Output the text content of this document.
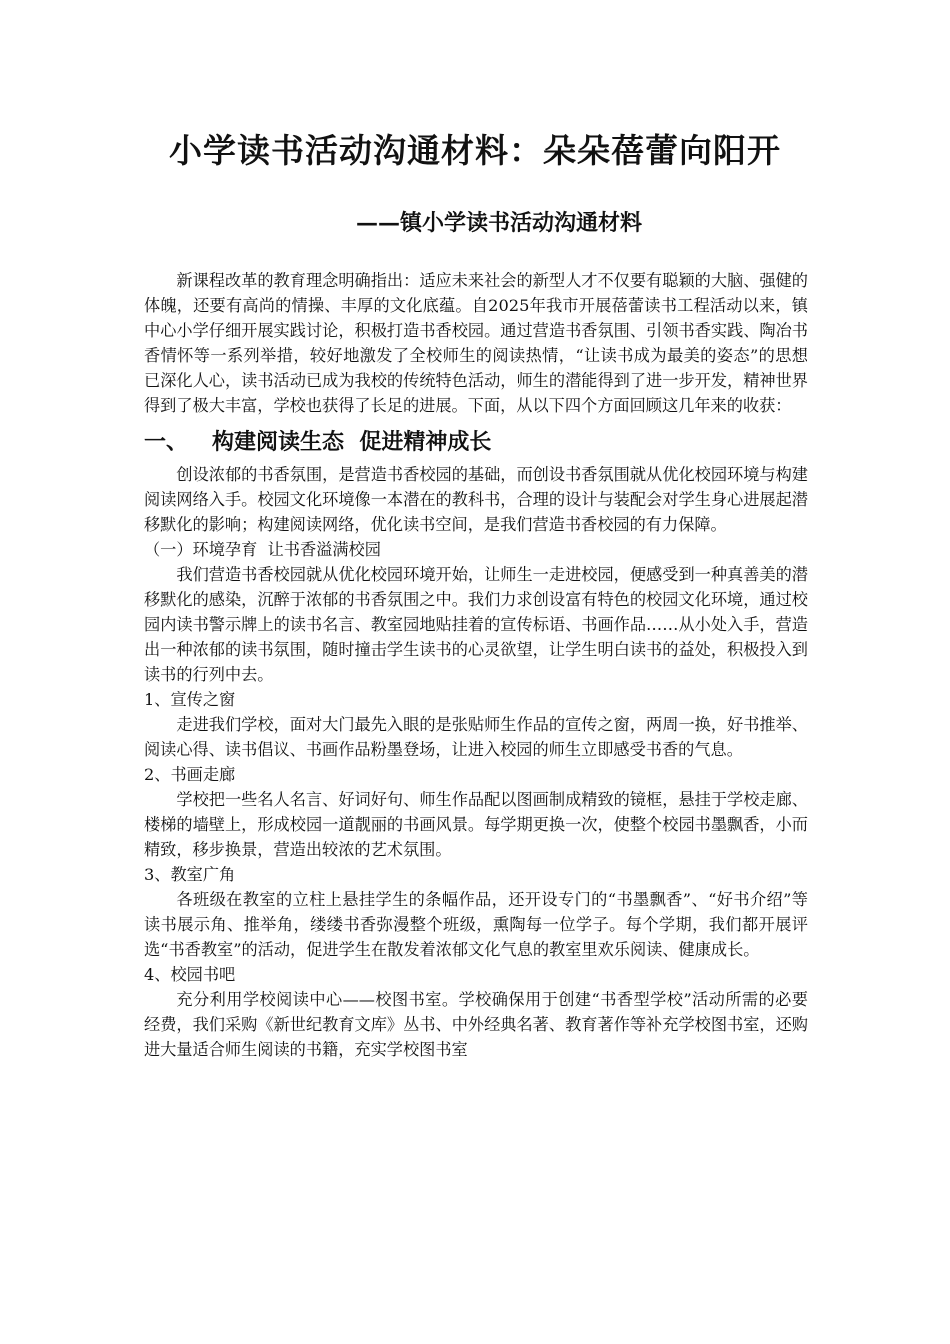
小学读书活动沟通材料：朵朵蓓蕾向阳开
——镇小学读书活动沟通材料

新课程改革的教育理念明确指出：适应未来社会的新型人才不仅要有聪颖的大脑、强健的体魄，还要有高尚的情操、丰厚的文化底蕴。自2025年我市开展蓓蕾读书工程活动以来，镇中心小学仔细开展实践讨论，积极打造书香校园。通过营造书香氛围、引领书香实践、陶冶书香情怀等一系列举措，较好地激发了全校师生的阅读热情，“让读书成为最美的姿态”的思想已深化人心，读书活动已成为我校的传统特色活动，师生的潜能得到了进一步开发，精神世界得到了极大丰富，学校也获得了长足的进展。下面，从以下四个方面回顾这几年来的收获：

一、 构建阅读生态  促进精神成长

创设浓郁的书香氛围，是营造书香校园的基础，而创设书香氛围就从优化校园环境与构建阅读网络入手。校园文化环境像一本潜在的教科书，合理的设计与装配会对学生身心进展起潜移默化的影响；构建阅读网络，优化读书空间，是我们营造书香校园的有力保障。

（一）环境孕育  让书香溢满校园

我们营造书香校园就从优化校园环境开始，让师生一走进校园，便感受到一种真善美的潜移默化的感染，沉醉于浓郁的书香氛围之中。我们力求创设富有特色的校园文化环境，通过校园内读书警示牌上的读书名言、教室园地贴挂着的宣传标语、书画作品……从小处入手，营造出一种浓郁的读书氛围，随时撞击学生读书的心灵欲望，让学生明白读书的益处，积极投入到读书的行列中去。

1、宣传之窗

走进我们学校，面对大门最先入眼的是张贴师生作品的宣传之窗，两周一换，好书推举、阅读心得、读书倡议、书画作品粉墨登场，让进入校园的师生立即感受书香的气息。

2、书画走廊

学校把一些名人名言、好词好句、师生作品配以图画制成精致的镜框，悬挂于学校走廊、楼梯的墙壁上，形成校园一道靓丽的书画风景。每学期更换一次，使整个校园书墨飘香，小而精致，移步换景，营造出较浓的艺术氛围。

3、教室广角

各班级在教室的立柱上悬挂学生的条幅作品，还开设专门的“书墨飘香”、“好书介绍”等读书展示角、推举角，缕缕书香弥漫整个班级，熏陶每一位学子。每个学期，我们都开展评选“书香教室”的活动，促进学生在散发着浓郁文化气息的教室里欢乐阅读、健康成长。

4、校园书吧

充分利用学校阅读中心——校图书室。学校确保用于创建“书香型学校”活动所需的必要经费，我们采购《新世纪教育文库》丛书、中外经典名著、教育著作等补充学校图书室，还购进大量适合师生阅读的书籍，充实学校图书室
